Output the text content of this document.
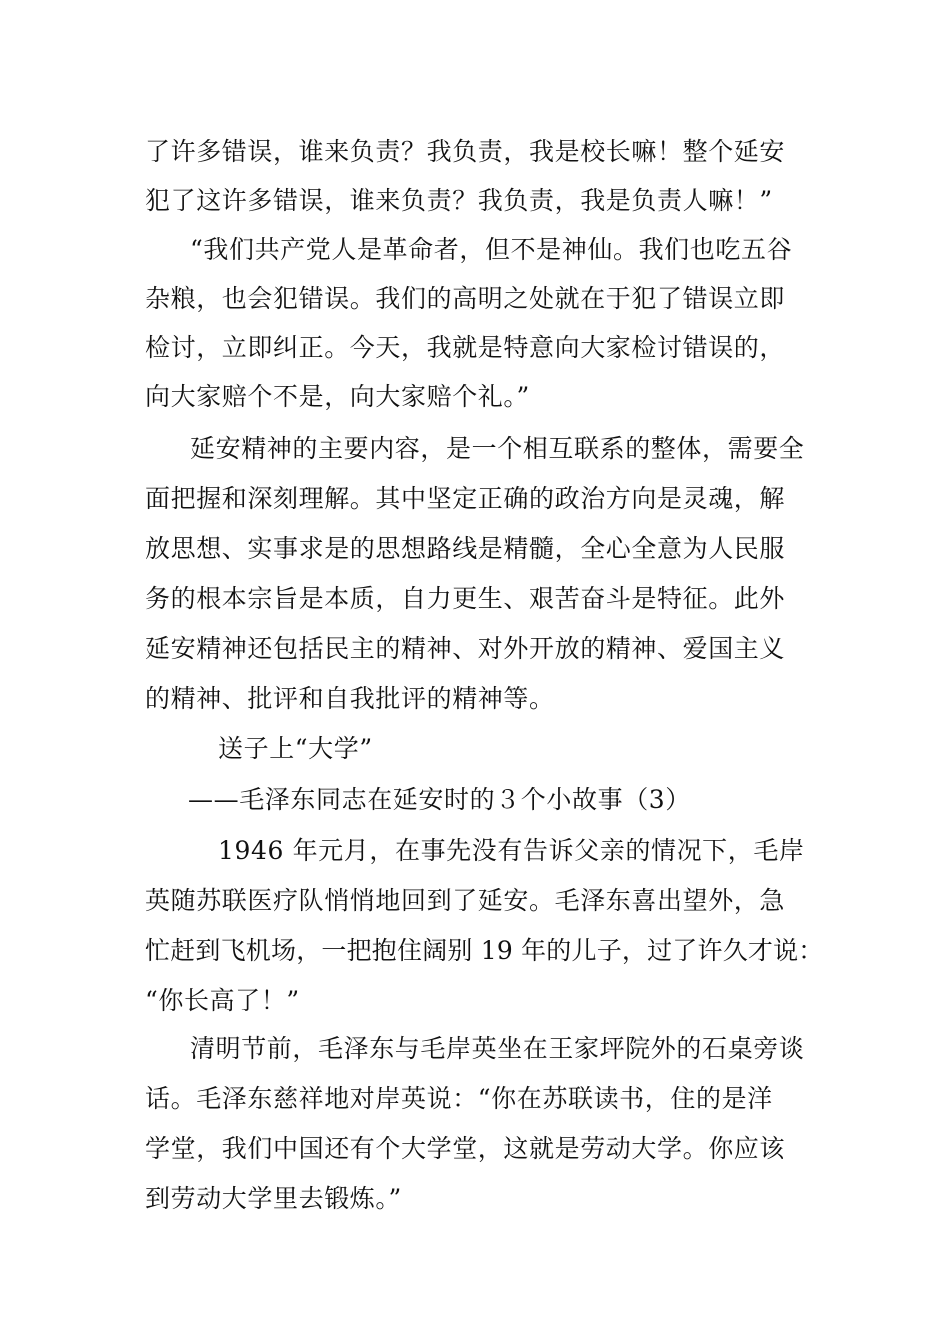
了许多错误，谁来负责？我负责，我是校长嘛！整个延安
犯了这许多错误，谁来负责？我负责，我是负责人嘛！”
“我们共产党人是革命者，但不是神仙。我们也吃五谷
杂粮，也会犯错误。我们的高明之处就在于犯了错误立即
检讨，立即纠正。今天，我就是特意向大家检讨错误的，
向大家赔个不是，向大家赔个礼。”
延安精神的主要内容，是一个相互联系的整体，需要全
面把握和深刻理解。其中坚定正确的政治方向是灵魂，解
放思想、实事求是的思想路线是精髓，全心全意为人民服
务的根本宗旨是本质，自力更生、艰苦奋斗是特征。此外
延安精神还包括民主的精神、对外开放的精神、爱国主义
的精神、批评和自我批评的精神等。
送子上“大学”
——毛泽东同志在延安时的３个小故事（3）
1946 年元月，在事先没有告诉父亲的情况下，毛岸
英随苏联医疗队悄悄地回到了延安。毛泽东喜出望外，急
忙赶到飞机场，一把抱住阔别 19 年的儿子，过了许久才说：
“你长高了！”
清明节前，毛泽东与毛岸英坐在王家坪院外的石桌旁谈
话。毛泽东慈祥地对岸英说：“你在苏联读书，住的是洋
学堂，我们中国还有个大学堂，这就是劳动大学。你应该
到劳动大学里去锻炼。”
